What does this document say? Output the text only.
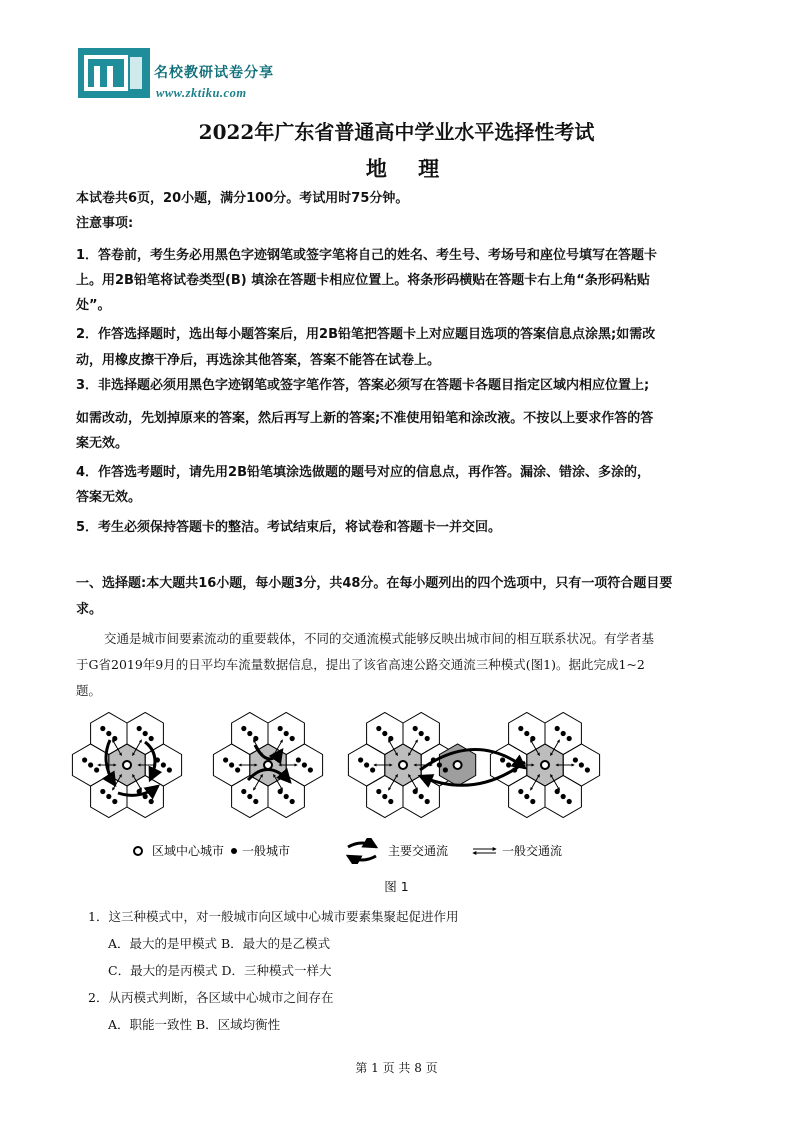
名校教研试卷分享
www.zktiku.com
2022年广东省普通高中学业水平选择性考试
地 理
本试卷共6页，20小题，满分100分。考试用时75分钟。
注意事项:
1．答卷前，考生务必用黑色字迹钢笔或签字笔将自己的姓名、考生号、考场号和座位号填写在答题卡
上。用2B铅笔将试卷类型(B) 填涂在答题卡相应位置上。将条形码横贴在答题卡右上角“条形码粘贴
处”。
2．作答选择题时，选出每小题答案后，用2B铅笔把答题卡上对应题目选项的答案信息点涂黑;如需改
动，用橡皮擦干净后，再选涂其他答案，答案不能答在试卷上。
3．非选择题必须用黑色字迹钢笔或签字笔作答，答案必须写在答题卡各题目指定区域内相应位置上;
如需改动，先划掉原来的答案，然后再写上新的答案;不准使用铅笔和涂改液。不按以上要求作答的答
案无效。
4．作答选考题时，请先用2B铅笔填涂选做题的题号对应的信息点，再作答。漏涂、错涂、多涂的，
答案无效。
5．考生必须保持答题卡的整洁。考试结束后，将试卷和答题卡一并交回。
一、选择题:本大题共16小题，每小题3分，共48分。在每小题列出的四个选项中，只有一项符合题目要
求。
交通是城市间要素流动的重要载体，不同的交通流模式能够反映出城市间的相互联系状况。有学者基
于G省2019年9月的日平均车流量数据信息，提出了该省高速公路交通流三种模式(图1)。据此完成1~2
题。
区域中心城市 一般城市	主要交通流	一般交通流
图 1
1．这三种模式中，对一般城市向区域中心城市要素集聚起促进作用
A．最大的是甲模式 B．最大的是乙模式
C．最大的是丙模式 D．三种模式一样大
2．从丙模式判断，各区域中心城市之间存在
A．职能一致性 B．区域均衡性
第 1 页 共 8 页
